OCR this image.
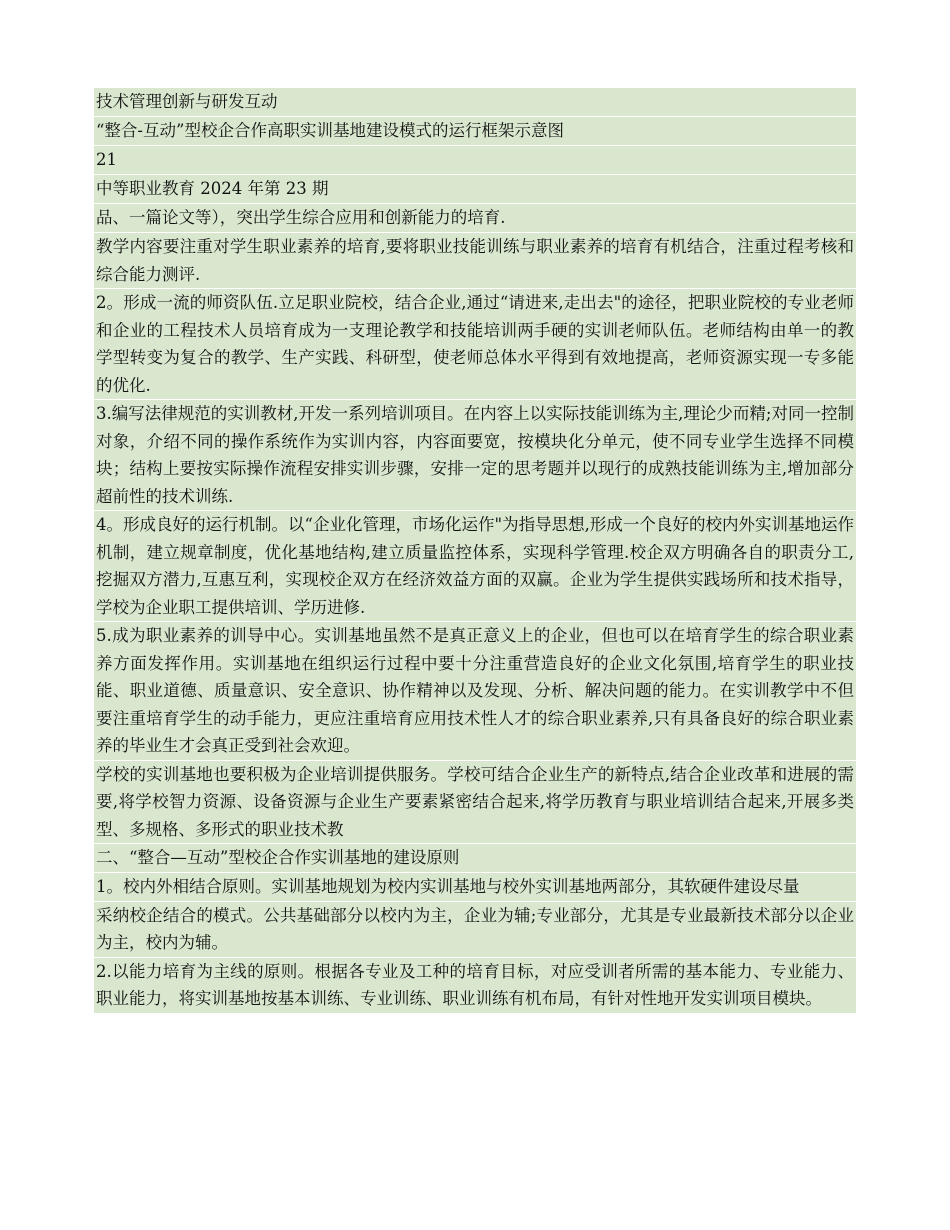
技术管理创新与研发互动

“整合-互动”型校企合作高职实训基地建设模式的运行框架示意图

21

中等职业教育 2024 年第 23 期

品、一篇论文等），突出学生综合应用和创新能力的培育.

教学内容要注重对学生职业素养的培育,要将职业技能训练与职业素养的培育有机结合，注重过程考核和综合能力测评.

2。形成一流的师资队伍.立足职业院校，结合企业,通过“请进来,走出去"的途径，把职业院校的专业老师和企业的工程技术人员培育成为一支理论教学和技能培训两手硬的实训老师队伍。老师结构由单一的教学型转变为复合的教学、生产实践、科研型，使老师总体水平得到有效地提高，老师资源实现一专多能的优化.

3.编写法律规范的实训教材,开发一系列培训项目。在内容上以实际技能训练为主,理论少而精;对同一控制对象，介绍不同的操作系统作为实训内容，内容面要宽，按模块化分单元，使不同专业学生选择不同模块；结构上要按实际操作流程安排实训步骤，安排一定的思考题并以现行的成熟技能训练为主,增加部分超前性的技术训练.

4。形成良好的运行机制。以“企业化管理，市场化运作"为指导思想,形成一个良好的校内外实训基地运作机制，建立规章制度，优化基地结构,建立质量监控体系，实现科学管理.校企双方明确各自的职责分工,挖掘双方潜力,互惠互利，实现校企双方在经济效益方面的双赢。企业为学生提供实践场所和技术指导，学校为企业职工提供培训、学历进修.

5.成为职业素养的训导中心。实训基地虽然不是真正意义上的企业，但也可以在培育学生的综合职业素养方面发挥作用。实训基地在组织运行过程中要十分注重营造良好的企业文化氛围,培育学生的职业技能、职业道德、质量意识、安全意识、协作精神以及发现、分析、解决问题的能力。在实训教学中不但要注重培育学生的动手能力，更应注重培育应用技术性人才的综合职业素养,只有具备良好的综合职业素养的毕业生才会真正受到社会欢迎。

学校的实训基地也要积极为企业培训提供服务。学校可结合企业生产的新特点,结合企业改革和进展的需要,将学校智力资源、设备资源与企业生产要素紧密结合起来,将学历教育与职业培训结合起来,开展多类型、多规格、多形式的职业技术教

二、“整合—互动”型校企合作实训基地的建设原则

1。校内外相结合原则。实训基地规划为校内实训基地与校外实训基地两部分，其软硬件建设尽量

采纳校企结合的模式。公共基础部分以校内为主，企业为辅;专业部分，尤其是专业最新技术部分以企业为主，校内为辅。

2.以能力培育为主线的原则。根据各专业及工种的培育目标，对应受训者所需的基本能力、专业能力、职业能力，将实训基地按基本训练、专业训练、职业训练有机布局，有针对性地开发实训项目模块。
